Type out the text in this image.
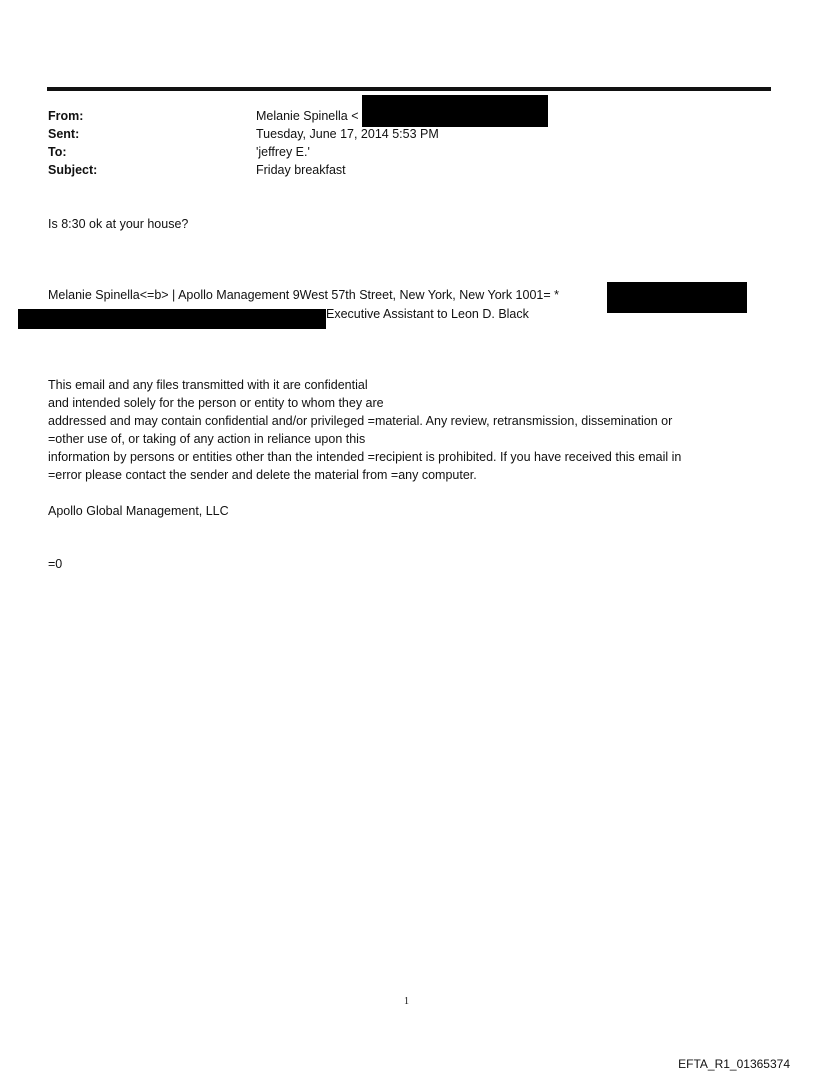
From:	Melanie Spinella <
Sent:	Tuesday, June 17, 2014 5:53 PM
To:	'jeffrey E.'
Subject:	Friday breakfast
Is 8:30 ok at your house?
Melanie Spinella<=b> | Apollo Management 9West 57th Street, New York, New York 1001= *
Executive Assistant to Leon D. Black
This email and any files transmitted with it are confidential
and intended solely for the person or entity to whom they are
addressed and may contain confidential and/or privileged =material. Any review, retransmission, dissemination or
=other use of, or taking of any action in reliance upon this
information by persons or entities other than the intended =recipient is prohibited. If you have received this email in
=error please contact the sender and delete the material from =any computer.
Apollo Global Management, LLC
=0
1
EFTA_R1_01365374
